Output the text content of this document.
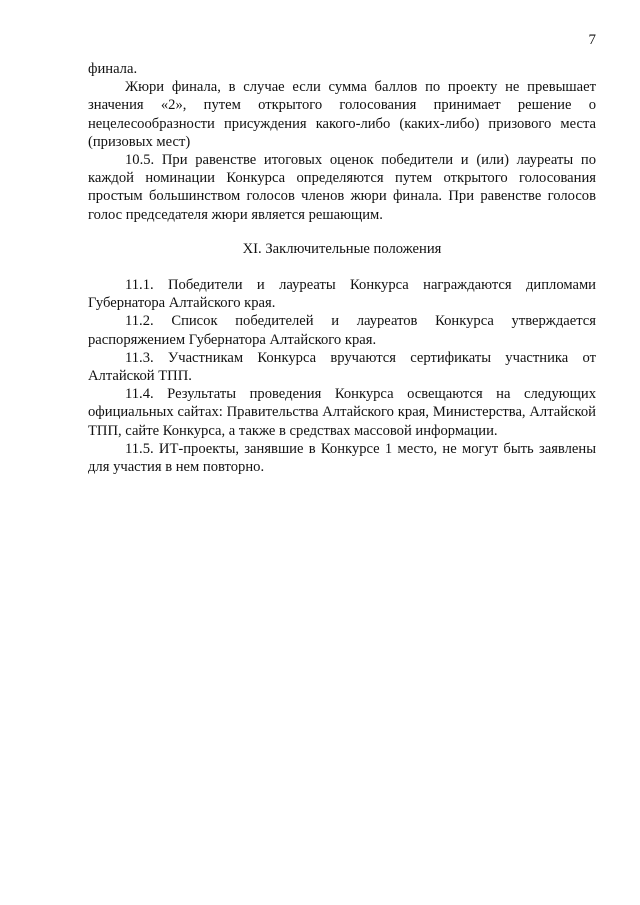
7

финала.

Жюри финала, в случае если сумма баллов по проекту не превышает значения «2», путем открытого голосования принимает решение о нецелесообразности присуждения какого-либо (каких-либо) призового места (призовых мест)

10.5. При равенстве итоговых оценок победители и (или) лауреаты по каждой номинации Конкурса определяются путем открытого голосования простым большинством голосов членов жюри финала. При равенстве голосов голос председателя жюри является решающим.

XI. Заключительные положения

11.1. Победители и лауреаты Конкурса награждаются дипломами Губернатора Алтайского края.

11.2. Список победителей и лауреатов Конкурса утверждается распоряжением Губернатора Алтайского края.

11.3. Участникам Конкурса вручаются сертификаты участника от Алтайской ТПП.

11.4. Результаты проведения Конкурса освещаются на следующих официальных сайтах: Правительства Алтайского края, Министерства, Алтайской ТПП, сайте Конкурса, а также в средствах массовой информации.

11.5. ИТ-проекты, занявшие в Конкурсе 1 место, не могут быть заявлены для участия в нем повторно.
